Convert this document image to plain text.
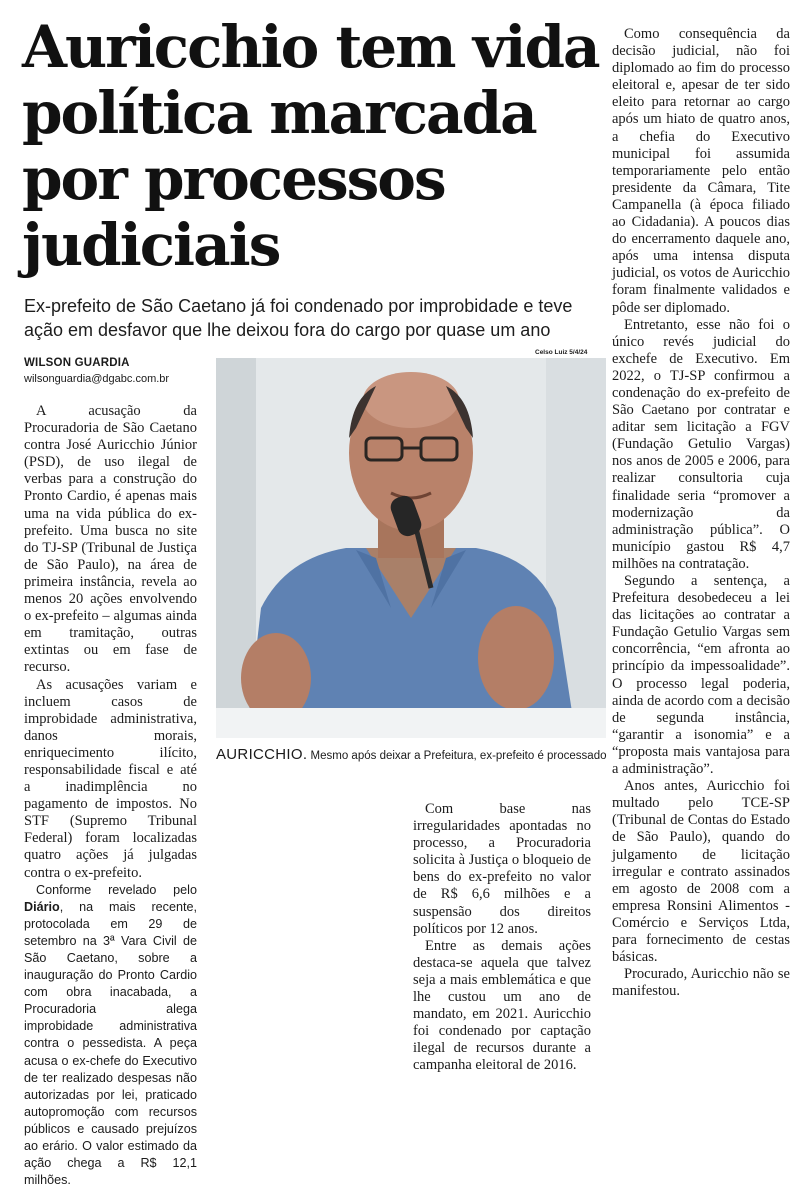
Auricchio tem vida política marcada por processos judiciais

Ex-prefeito de São Caetano já foi condenado por improbidade e teve ação em desfavor que lhe deixou fora do cargo por quase um ano

WILSON GUARDIA
wilsonguardia@dgabc.com.br
Celso Luiz 5/4/24

AURICCHIO. Mesmo após deixar a Prefeitura, ex-prefeito é processado

A acusação da Procuradoria de São Caetano contra José Auricchio Júnior (PSD), de uso ilegal de verbas para a construção do Pronto Cardio, é apenas mais uma na vida pública do ex-prefeito. Uma busca no site do TJ-SP (Tribunal de Justiça de São Paulo), na área de primeira instância, revela ao menos 20 ações envolvendo o ex-prefeito – algumas ainda em tramitação, outras extintas ou em fase de recurso.

As acusações variam e incluem casos de improbidade administrativa, danos morais, enriquecimento ilícito, responsabilidade fiscal e até a inadimplência no pagamento de impostos. No STF (Supremo Tribunal Federal) foram localizadas quatro ações já julgadas contra o ex-prefeito.

Conforme revelado pelo Diário, na mais recente, protocolada em 29 de setembro na 3ª Vara Civil de São Caetano, sobre a inauguração do Pronto Cardio com obra inacabada, a Procuradoria alega improbidade administrativa contra o pessedista. A peça acusa o ex-chefe do Executivo de ter realizado despesas não autorizadas por lei, praticado autopromoção com recursos públicos e causado prejuízos ao erário. O valor estimado da ação chega a R$ 12,1 milhões.

Com base nas irregularidades apontadas no processo, a Procuradoria solicita à Justiça o bloqueio de bens do ex-prefeito no valor de R$ 6,6 milhões e a suspensão dos direitos políticos por 12 anos.

Entre as demais ações destaca-se aquela que talvez seja a mais emblemática e que lhe custou um ano de mandato, em 2021. Auricchio foi condenado por captação ilegal de recursos durante a campanha eleitoral de 2016.

Como consequência da decisão judicial, não foi diplomado ao fim do processo eleitoral e, apesar de ter sido eleito para retornar ao cargo após um hiato de quatro anos, a chefia do Executivo municipal foi assumida temporariamente pelo então presidente da Câmara, Tite Campanella (à época filiado ao Cidadania). A poucos dias do encerramento daquele ano, após uma intensa disputa judicial, os votos de Auricchio foram finalmente validados e pôde ser diplomado.

Entretanto, esse não foi o único revés judicial do exchefe de Executivo. Em 2022, o TJ-SP confirmou a condenação do ex-prefeito de São Caetano por contratar e aditar sem licitação a FGV (Fundação Getulio Vargas) nos anos de 2005 e 2006, para realizar consultoria cuja finalidade seria “promover a modernização da administração pública”. O município gastou R$ 4,7 milhões na contratação.

Segundo a sentença, a Prefeitura desobedeceu a lei das licitações ao contratar a Fundação Getulio Vargas sem concorrência, “em afronta ao princípio da impessoalidade”. O processo legal poderia, ainda de acordo com a decisão de segunda instância, “garantir a isonomia” e a “proposta mais vantajosa para a administração”.

Anos antes, Auricchio foi multado pelo TCE-SP (Tribunal de Contas do Estado de São Paulo), quando do julgamento de licitação irregular e contrato assinados em agosto de 2008 com a empresa Ronsini Alimentos - Comércio e Serviços Ltda, para fornecimento de cestas básicas.

Procurado, Auricchio não se manifestou.
